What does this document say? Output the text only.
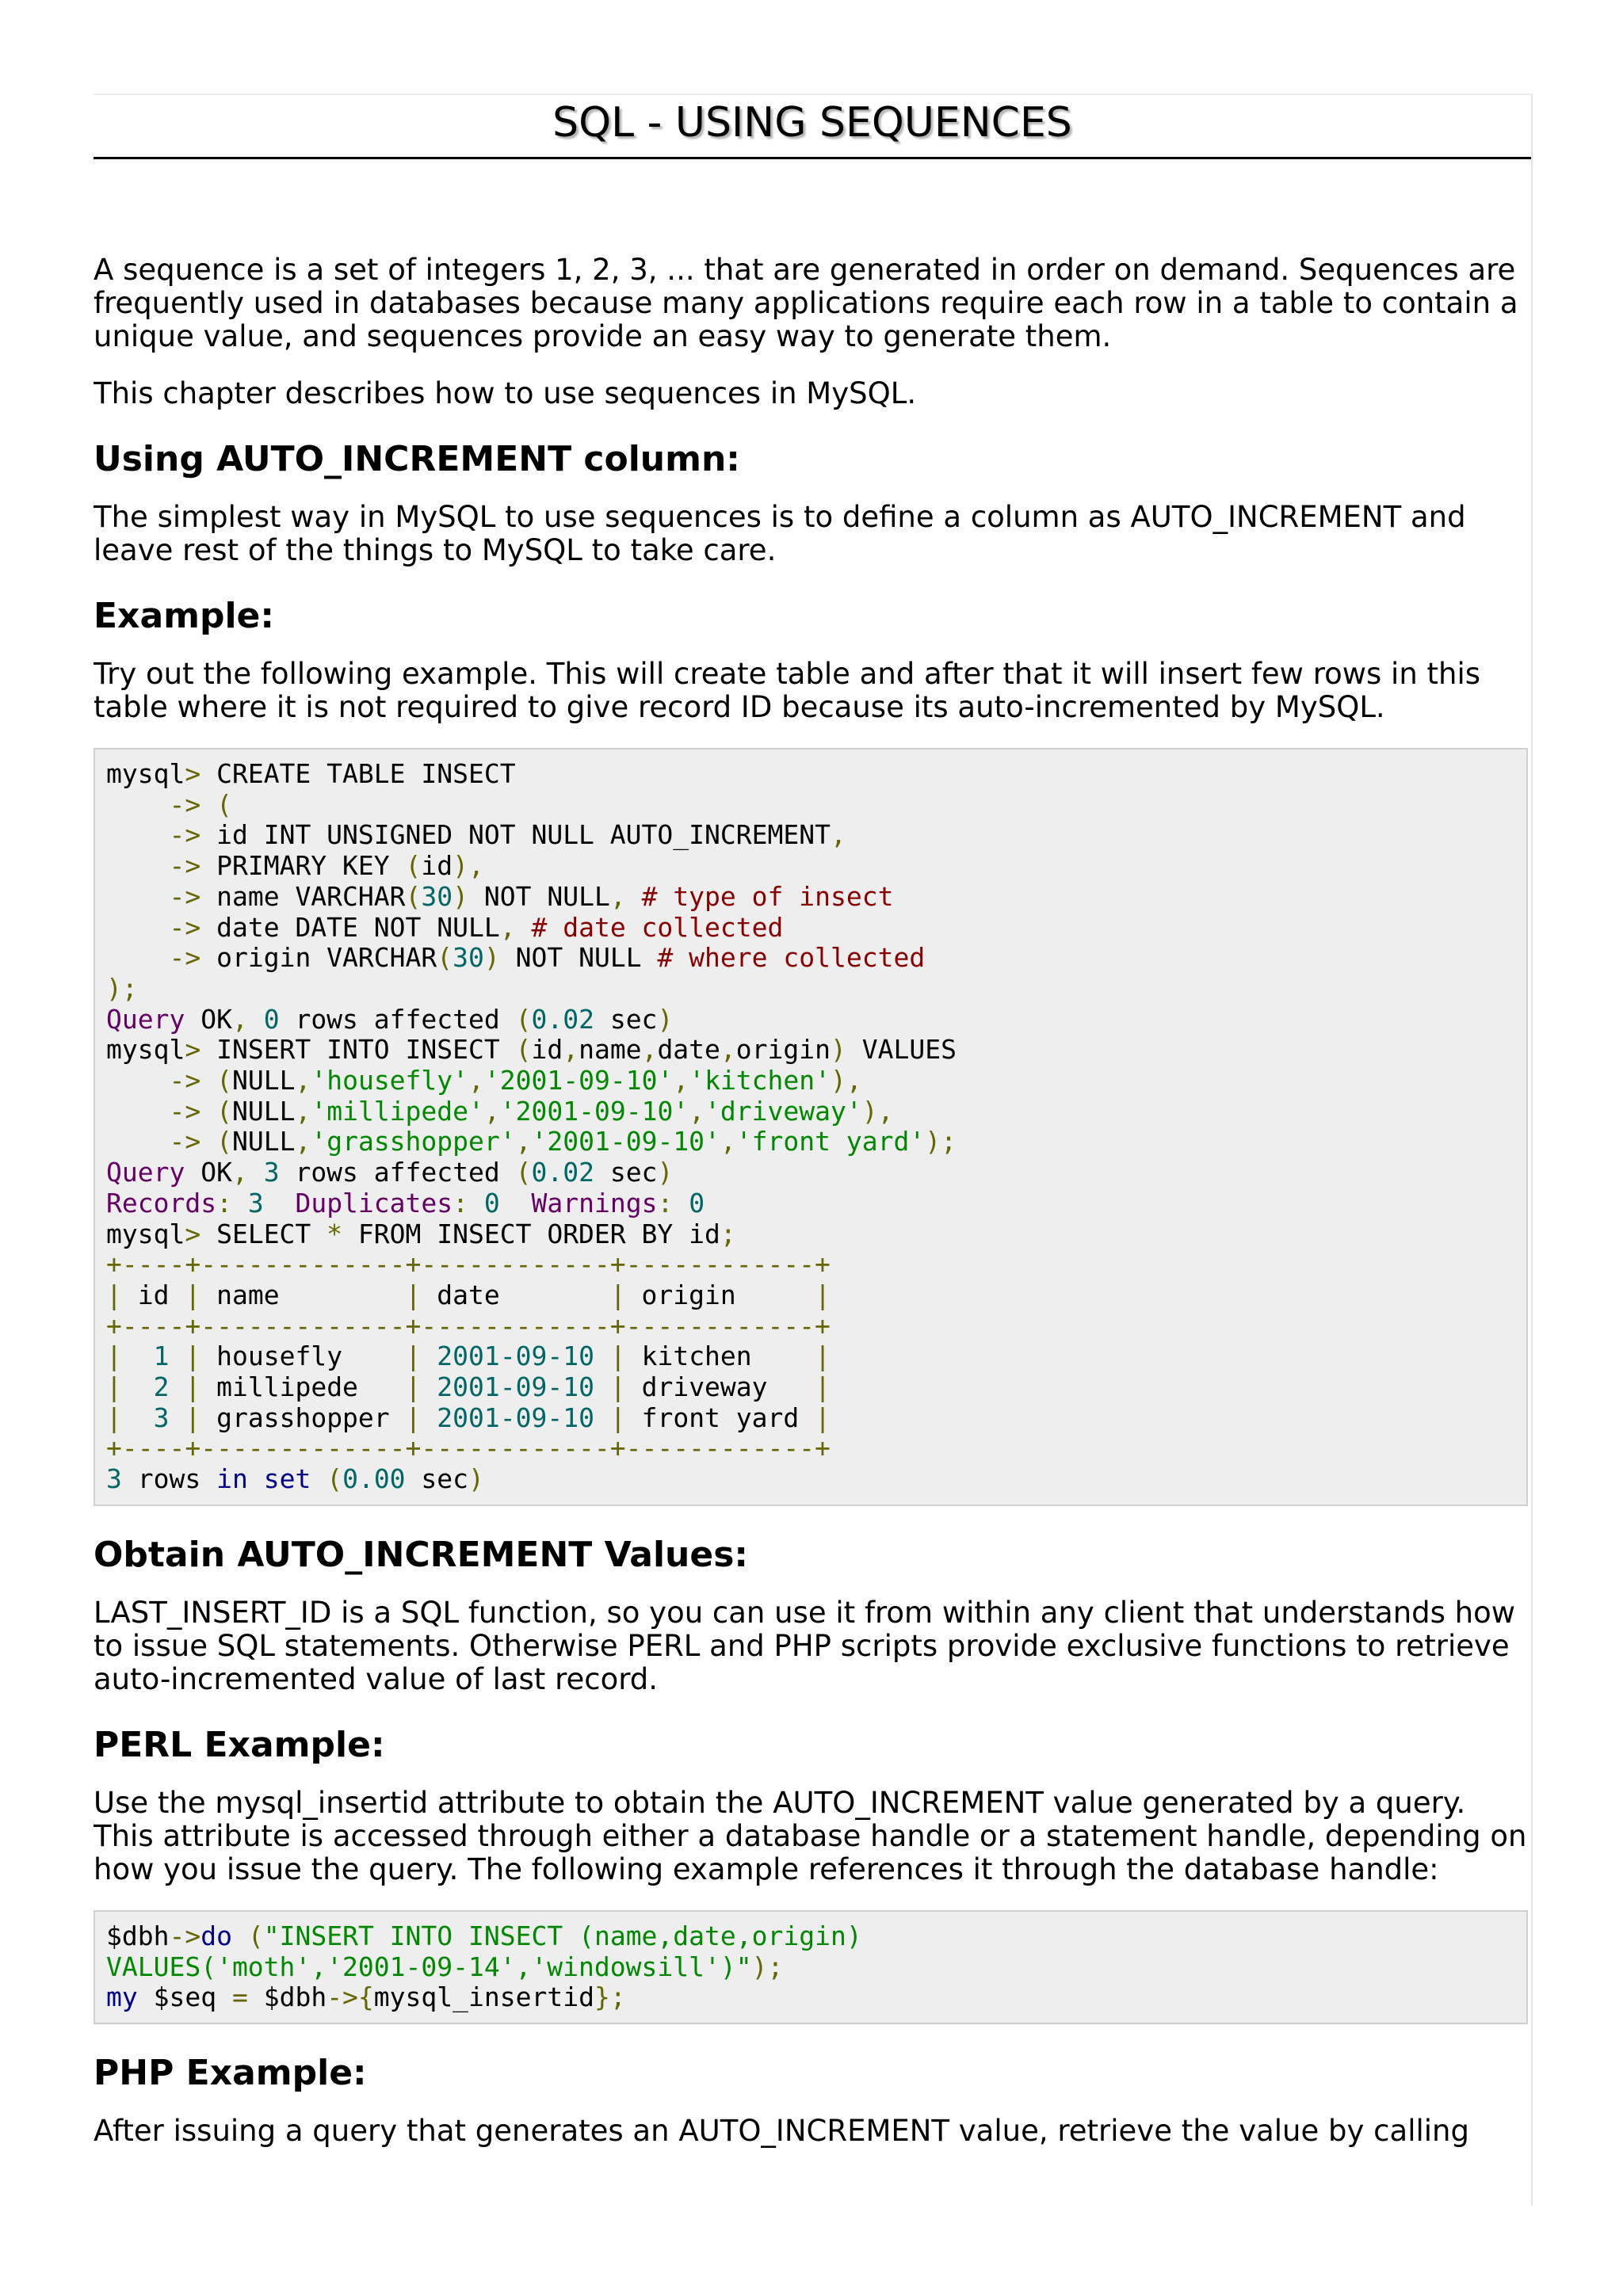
SQL - USING SEQUENCES

A sequence is a set of integers 1, 2, 3, ... that are generated in order on demand. Sequences are frequently used in databases because many applications require each row in a table to contain a unique value, and sequences provide an easy way to generate them.

This chapter describes how to use sequences in MySQL.

Using AUTO_INCREMENT column:

The simplest way in MySQL to use sequences is to define a column as AUTO_INCREMENT and leave rest of the things to MySQL to take care.

Example:

Try out the following example. This will create table and after that it will insert few rows in this table where it is not required to give record ID because its auto-incremented by MySQL.

mysql> CREATE TABLE INSECT
-> (
-> id INT UNSIGNED NOT NULL AUTO_INCREMENT,
-> PRIMARY KEY (id),
-> name VARCHAR(30) NOT NULL, # type of insect
-> date DATE NOT NULL, # date collected
-> origin VARCHAR(30) NOT NULL # where collected
);
Query OK, 0 rows affected (0.02 sec)
mysql> INSERT INTO INSECT (id,name,date,origin) VALUES
-> (NULL,'housefly','2001-09-10','kitchen'),
-> (NULL,'millipede','2001-09-10','driveway'),
-> (NULL,'grasshopper','2001-09-10','front yard');
Query OK, 3 rows affected (0.02 sec)
Records: 3 Duplicates: 0 Warnings: 0
mysql> SELECT * FROM INSECT ORDER BY id;
+----+-------------+------------+------------+
| id | name        | date       | origin     |
+----+-------------+------------+------------+
| 1 | housefly    | 2001-09-10 | kitchen    |
| 2 | millipede   | 2001-09-10 | driveway   |
| 3 | grasshopper | 2001-09-10 | front yard |
+----+-------------+------------+------------+
3 rows in set (0.00 sec)
Obtain AUTO_INCREMENT Values:

LAST_INSERT_ID is a SQL function, so you can use it from within any client that understands how to issue SQL statements. Otherwise PERL and PHP scripts provide exclusive functions to retrieve auto-incremented value of last record.

PERL Example:

Use the mysql_insertid attribute to obtain the AUTO_INCREMENT value generated by a query. This attribute is accessed through either a database handle or a statement handle, depending on how you issue the query. The following example references it through the database handle:

$dbh->do ("INSERT INTO INSECT (name,date,origin)
VALUES('moth','2001-09-14','windowsill')");
my $seq = $dbh->{mysql_insertid};
PHP Example:

After issuing a query that generates an AUTO_INCREMENT value, retrieve the value by calling
